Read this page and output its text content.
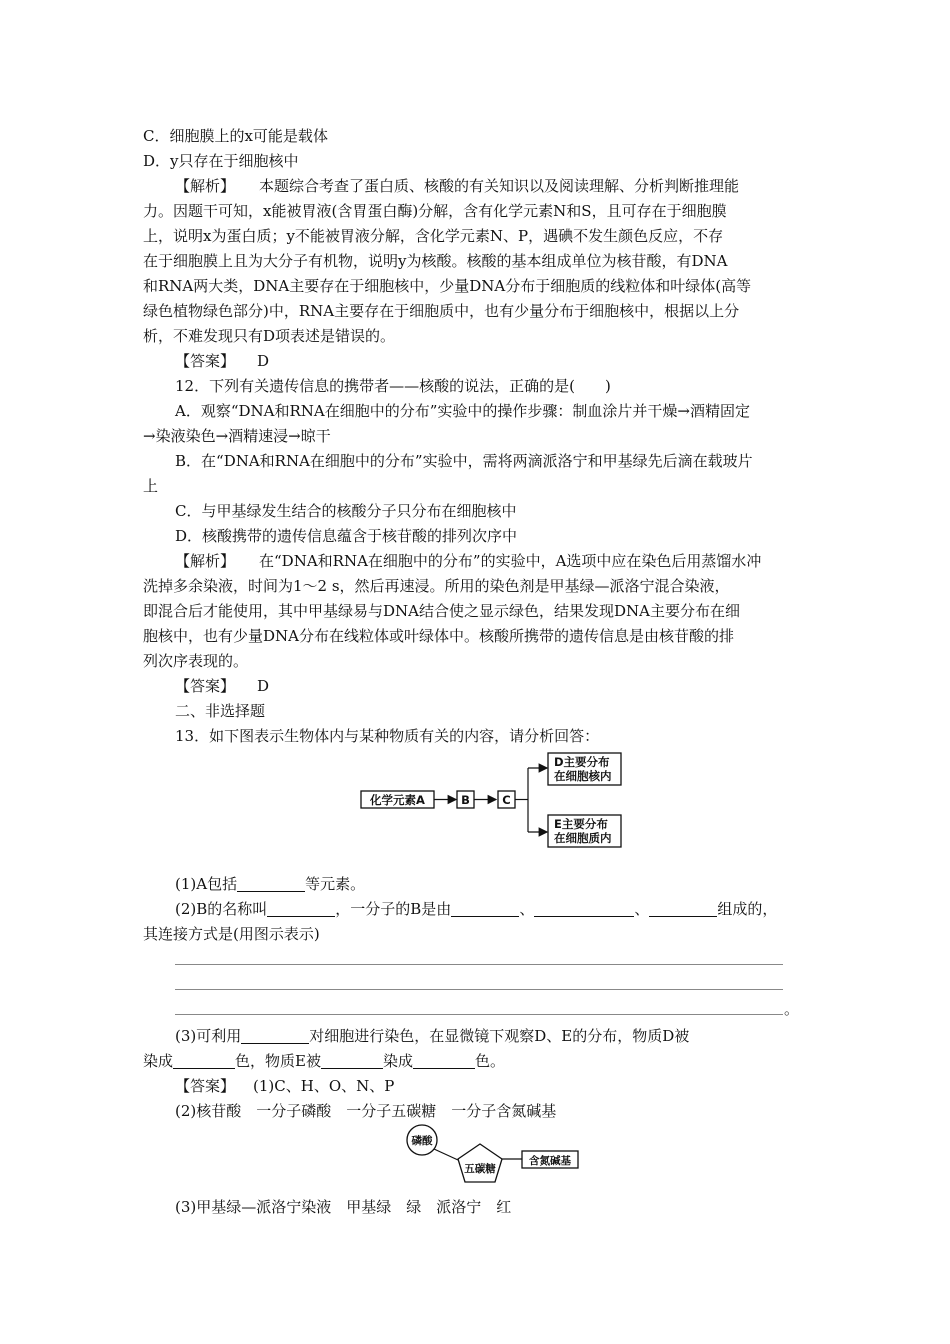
C．细胞膜上的x可能是载体
D．y只存在于细胞核中
【解析】 本题综合考查了蛋白质、核酸的有关知识以及阅读理解、分析判断推理能
力。因题干可知，x能被胃液(含胃蛋白酶)分解，含有化学元素N和S，且可存在于细胞膜
上，说明x为蛋白质；y不能被胃液分解，含化学元素N、P，遇碘不发生颜色反应，不存
在于细胞膜上且为大分子有机物，说明y为核酸。核酸的基本组成单位为核苷酸，有DNA
和RNA两大类，DNA主要存在于细胞核中，少量DNA分布于细胞质的线粒体和叶绿体(高等
绿色植物绿色部分)中，RNA主要存在于细胞质中，也有少量分布于细胞核中，根据以上分
析，不难发现只有D项表述是错误的。
【答案】 D
12．下列有关遗传信息的携带者——核酸的说法，正确的是(　　)
A．观察“DNA和RNA在细胞中的分布”实验中的操作步骤：制血涂片并干燥→酒精固定
→染液染色→酒精速浸→晾干
B．在“DNA和RNA在细胞中的分布”实验中，需将两滴派洛宁和甲基绿先后滴在载玻片
上
C．与甲基绿发生结合的核酸分子只分布在细胞核中
D．核酸携带的遗传信息蕴含于核苷酸的排列次序中
【解析】 在“DNA和RNA在细胞中的分布”的实验中，A选项中应在染色后用蒸馏水冲
洗掉多余染液，时间为1～2 s，然后再速浸。所用的染色剂是甲基绿—派洛宁混合染液，
即混合后才能使用，其中甲基绿易与DNA结合使之显示绿色，结果发现DNA主要分布在细
胞核中，也有少量DNA分布在线粒体或叶绿体中。核酸所携带的遗传信息是由核苷酸的排
列次序表现的。
【答案】 D
二、非选择题
13．如下图表示生物体内与某种物质有关的内容，请分析回答：
化学元素A	B	C
D主要分布
在细胞核内
E主要分布
在细胞质内
(1)A包括	等元素。
(2)B的名称叫	，一分子的B是由	、	、	组成的，
其连接方式是(用图示表示)
。
(3)可利用	对细胞进行染色，在显微镜下观察D、E的分布，物质D被
染成	色，物质E被	染成	色。
【答案】 (1)C、H、O、N、P
(2)核苷酸　一分子磷酸　一分子五碳糖　一分子含氮碱基
磷酸
五碳糖
含氮碱基
(3)甲基绿—派洛宁染液　甲基绿　绿　派洛宁　红
